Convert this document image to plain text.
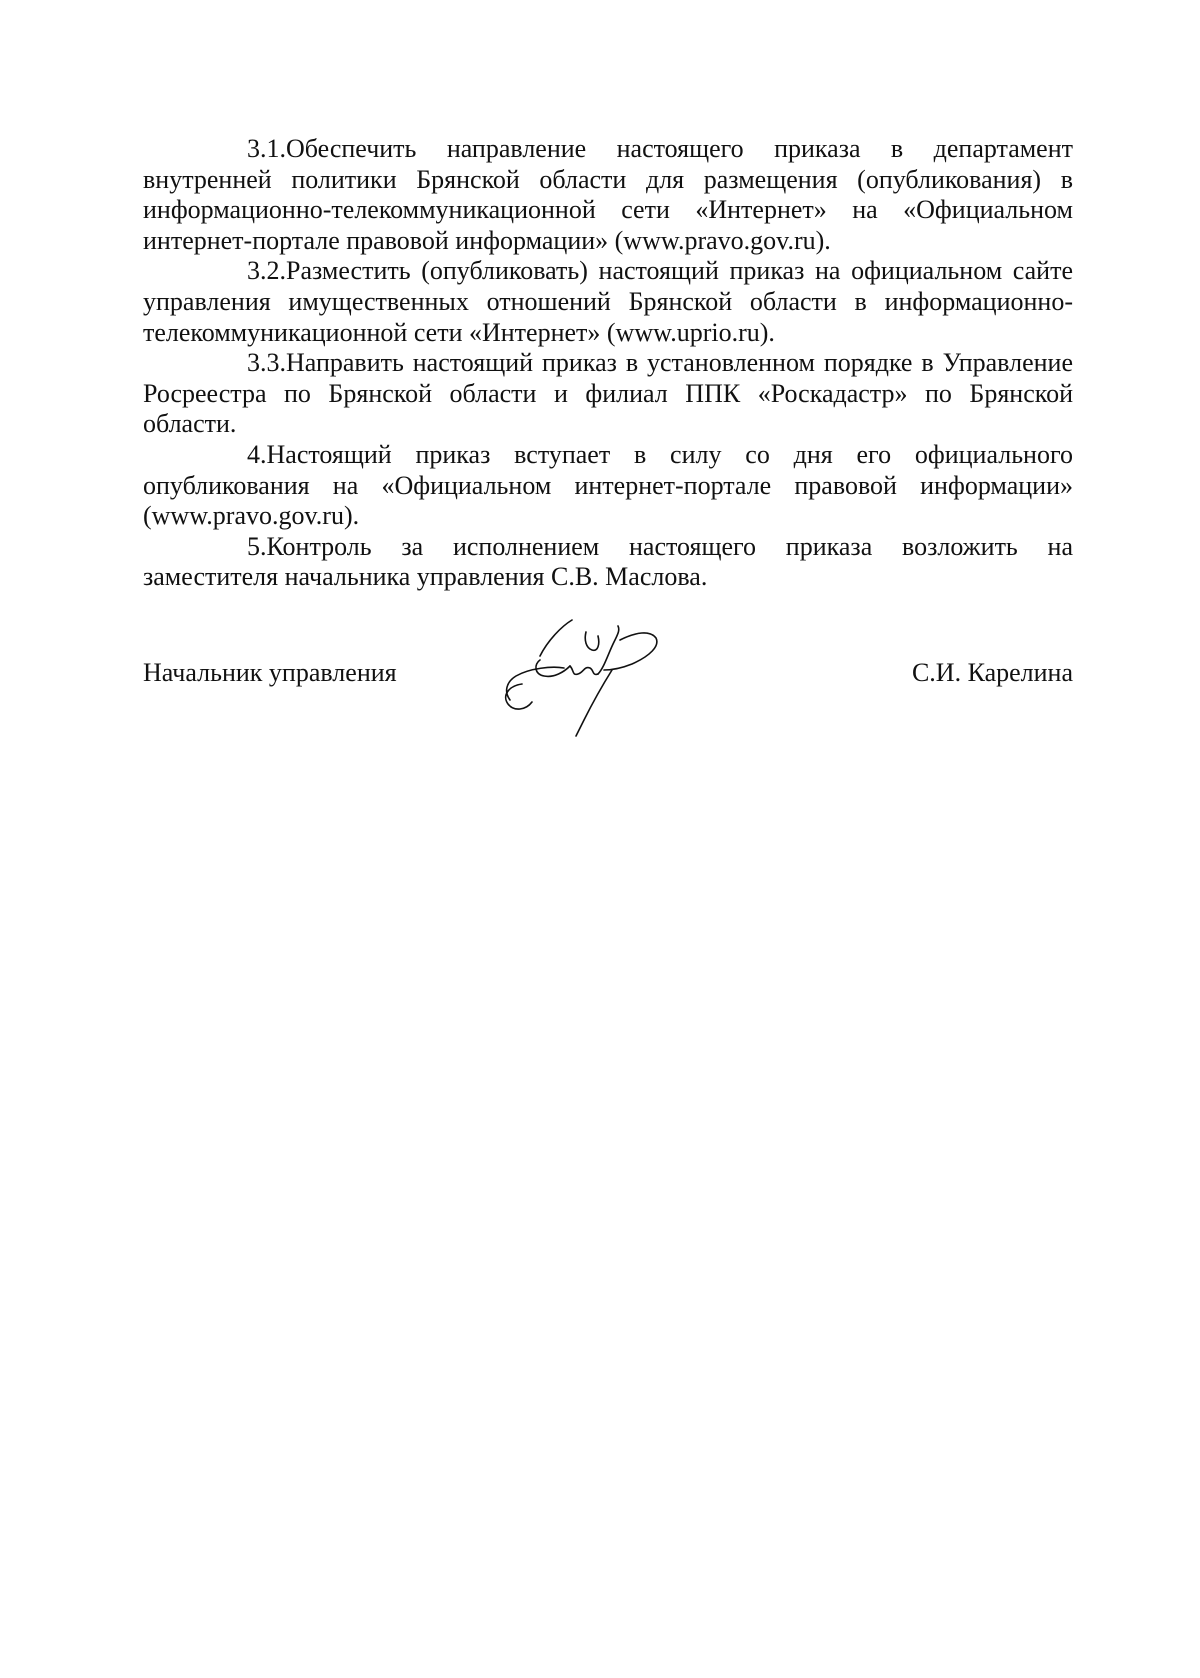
3.1.Обеспечить направление настоящего приказа в департамент внутренней политики Брянской области для размещения (опубликования) в информационно-телекоммуникационной сети «Интернет» на «Официальном интернет-портале правовой информации» (www.pravo.gov.ru).

3.2.Разместить (опубликовать) настоящий приказ на официальном сайте управления имущественных отношений Брянской области в информационно-телекоммуникационной сети «Интернет» (www.uprio.ru).

3.3.Направить настоящий приказ в установленном порядке в Управление Росреестра по Брянской области и филиал ППК «Роскадастр» по Брянской области.

4.Настоящий приказ вступает в силу со дня его официального опубликования на «Официальном интернет-портале правовой информации» (www.pravo.gov.ru).

5.Контроль за исполнением настоящего приказа возложить на заместителя начальника управления С.В. Маслова.

Начальник управления	С.И. Карелина
